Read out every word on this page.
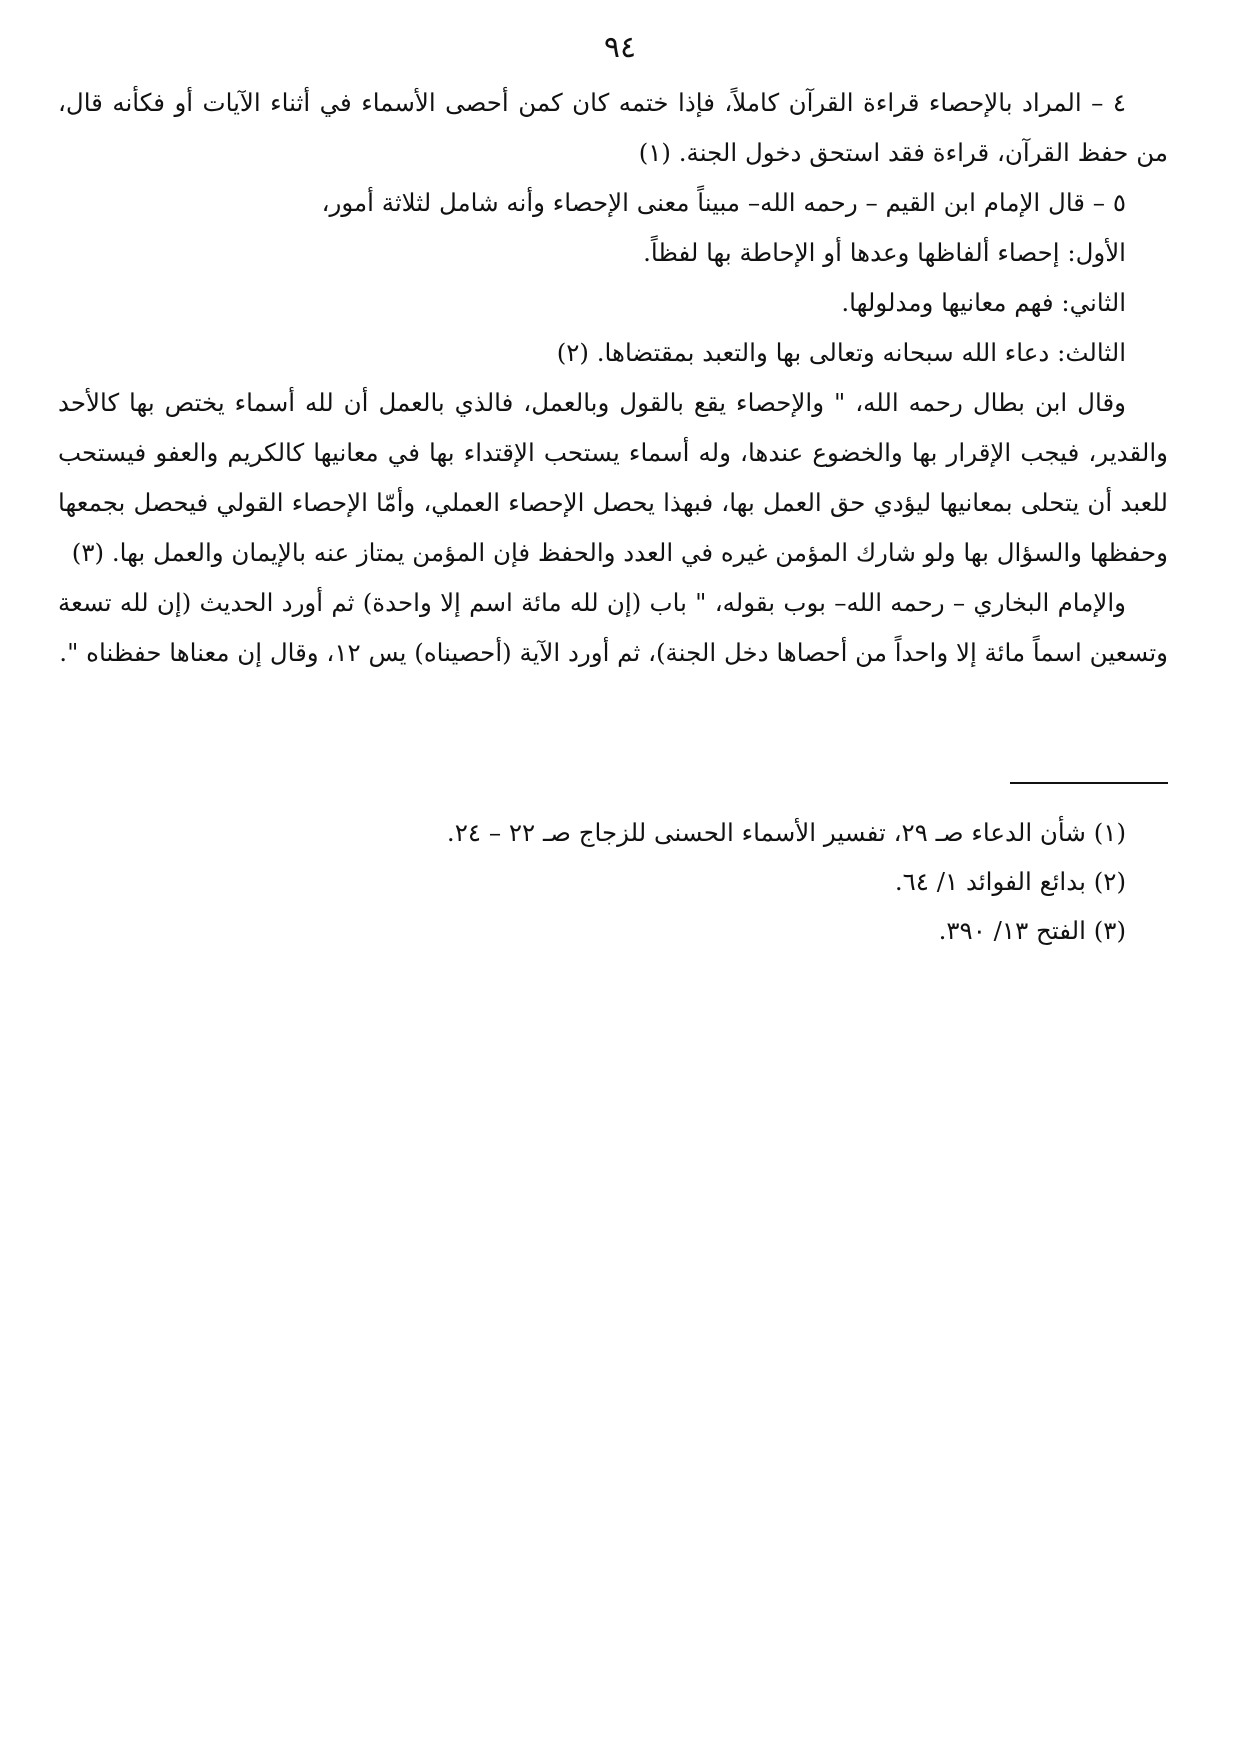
٩٤

٤ – المراد بالإحصاء قراءة القرآن كاملاً، فإذا ختمه كان كمن أحصى الأسماء في أثناء الآيات أو فكأنه قال، من حفظ القرآن، قراءة فقد استحق دخول الجنة. (١)

٥ – قال الإمام ابن القيم – رحمه الله– مبيناً معنى الإحصاء وأنه شامل لثلاثة أمور،

الأول: إحصاء ألفاظها وعدها أو الإحاطة بها لفظاً.

الثاني: فهم معانيها ومدلولها.

الثالث: دعاء الله سبحانه وتعالى بها والتعبد بمقتضاها. (٢)

وقال ابن بطال رحمه الله، " والإحصاء يقع بالقول وبالعمل، فالذي بالعمل أن لله أسماء يختص بها كالأحد والقدير، فيجب الإقرار بها والخضوع عندها، وله أسماء يستحب الإقتداء بها في معانيها كالكريم والعفو فيستحب للعبد أن يتحلى بمعانيها ليؤدي حق العمل بها، فبهذا يحصل الإحصاء العملي، وأمّا الإحصاء القولي فيحصل بجمعها وحفظها والسؤال بها ولو شارك المؤمن غيره في العدد والحفظ فإن المؤمن يمتاز عنه بالإيمان والعمل بها. (٣)

والإمام البخاري – رحمه الله– بوب بقوله، " باب (إن لله مائة اسم إلا واحدة) ثم أورد الحديث (إن لله تسعة وتسعين اسماً مائة إلا واحداً من أحصاها دخل الجنة)، ثم أورد الآية (أحصيناه) يس ١٢، وقال إن معناها حفظناه ".

(١) شأن الدعاء صـ ٢٩، تفسير الأسماء الحسنى للزجاج صـ ٢٢ – ٢٤.

(٢) بدائع الفوائد ١/ ٦٤.

(٣) الفتح ١٣/ ٣٩٠.
